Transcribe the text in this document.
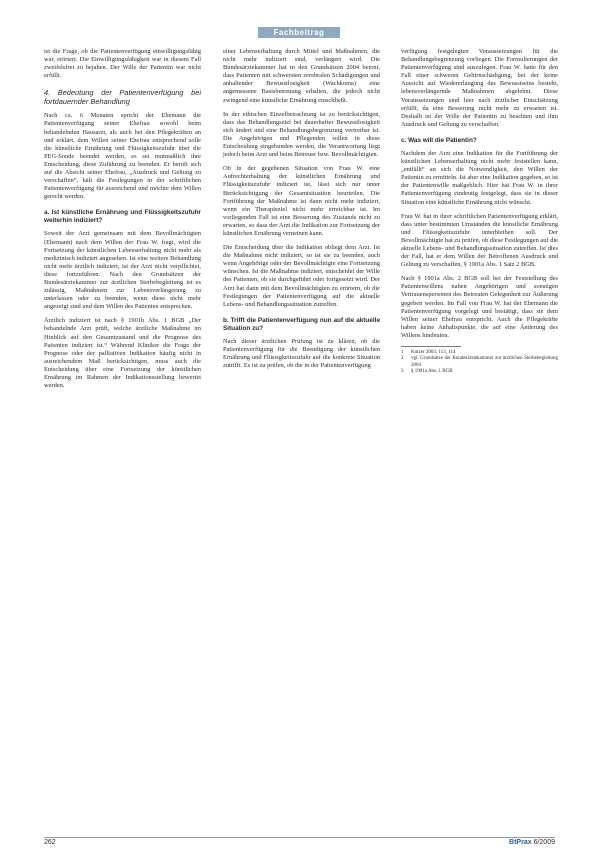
Fachbeitrag

ist die Frage, ob die Patientenverfügung einwilligungsfähig war, erörtert. Die Einwilligungsfähigkeit war in diesem Fall zweifelsfrei zu bejahen. Der Wille der Patientin war nicht erfüllt.

4. Bedeutung der Patientenverfügung bei fortdauernder Behandlung

Nach ca. 6 Monaten spricht der Ehemann die Patientenverfügung seiner Ehefrau sowohl beim behandelnden Hausarzt, als auch bei den Pflegekräften an und erklärt, dem Willen seiner Ehefrau entsprechend solle die künstliche Ernährung und Flüssigkeitszufuhr über die PEG-Sonde beendet werden, es sei mutmaßlich ihre Entscheidung, diese Zuführung zu beenden. Er beruft sich auf die Absicht seiner Ehefrau, „Ausdruck und Geltung zu verschaffen“, hält die Festlegungen in der schriftlichen Patientenverfügung für ausreichend und möchte dem Willen gerecht werden.

a. Ist künstliche Ernährung und Flüssigkeitszufuhr weiterhin indiziert?

Soweit der Arzt gemeinsam mit dem Bevollmächtigten (Ehemann) nach dem Willen der Frau W. fragt, wird die Fortsetzung der künstlichen Lebenserhaltung nicht mehr als medizinisch indiziert angesehen. Ist eine weitere Behandlung nicht mehr ärztlich indiziert, ist der Arzt nicht verpflichtet, diese fortzuführen. Nach den Grundsätzen der Bundesärztekammer zur ärztlichen Sterbebegleitung ist es zulässig, Maßnahmen zur Lebensverlängerung zu unterlassen oder zu beenden, wenn diese nicht mehr angezeigt sind und dem Willen des Patienten entsprechen.

Ärztlich indiziert ist nach § 1901b Abs. 1 BGB „Der behandelnde Arzt prüft, welche ärztliche Maßnahme im Hinblick auf den Gesamtzustand und die Prognose des Patienten indiziert ist.“ Während Kliniker die Frage der Prognose oder der palliativen Indikation häufig nicht in ausreichendem Maß berücksichtigen, muss auch die Entscheidung über eine Fortsetzung der künstlichen Ernährung im Rahmen der Indikationsstellung bewertet werden.

einer Lebenserhaltung durch Mittel und Maßnahmen, die nicht mehr indiziert sind, verlängert wird. Die Bundesärztekammer hat in den Grundsätzen 2004 betont, dass Patienten mit schwersten zerebralen Schädigungen und anhaltender Bewusstlosigkeit (Wachkoma) eine angemessene Basisbetreuung erhalten, die jedoch nicht zwingend eine künstliche Ernährung einschließt.

In der ethischen Einzelbetrachtung ist zu berücksichtigen, dass das Behandlungsziel bei dauerhafter Bewusstlosigkeit sich ändert und eine Behandlungsbegrenzung vertretbar ist. Die Angehörigen und Pflegenden sollen in diese Entscheidung eingebunden werden, die Verantwortung liegt jedoch beim Arzt und beim Betreuer bzw. Bevollmächtigten.

Ob in der gegebenen Situation von Frau W. eine Aufrechterhaltung der künstlichen Ernährung und Flüssigkeitszufuhr indiziert ist, lässt sich nur unter Berücksichtigung der Gesamtsituation beurteilen. Die Fortführung der Maßnahme ist dann nicht mehr indiziert, wenn ein Therapieziel nicht mehr erreichbar ist. Im vorliegenden Fall ist eine Besserung des Zustands nicht zu erwarten, so dass der Arzt die Indikation zur Fortsetzung der künstlichen Ernährung verneinen kann.

Die Entscheidung über die Indikation obliegt dem Arzt. Ist die Maßnahme nicht indiziert, so ist sie zu beenden, auch wenn Angehörige oder der Bevollmächtigte eine Fortsetzung wünschen. Ist die Maßnahme indiziert, entscheidet der Wille des Patienten, ob sie durchgeführt oder fortgesetzt wird. Der Arzt hat dann mit dem Bevollmächtigten zu erörtern, ob die Festlegungen der Patientenverfügung auf die aktuelle Lebens- und Behandlungssituation zutreffen.

b. Trifft die Patientenverfügung nun auf die aktuelle Situation zu?

Nach dieser ärztlichen Prüfung ist zu klären, ob die Patientenverfügung für die Beendigung der künstlichen Ernährung und Flüssigkeitszufuhr auf die konkrete Situation zutrifft. Es ist zu prüfen, ob die in der Patientenverfügung

verfügung festgelegten Voraussetzungen für die Behandlungsbegrenzung vorliegen. Die Formulierungen der Patientenverfügung sind auszulegen. Frau W. hatte für den Fall einer schweren Gehirnschädigung, bei der keine Aussicht auf Wiedererlangung des Bewusstseins besteht, lebensverlängernde Maßnahmen abgelehnt. Diese Voraussetzungen sind hier nach ärztlicher Einschätzung erfüllt, da eine Besserung nicht mehr zu erwarten ist. Deshalb ist der Wille der Patientin zu beachten und ihm Ausdruck und Geltung zu verschaffen.

c. Was will die Patientin?

Nachdem der Arzt eine Indikation für die Fortführung der künstlichen Lebenserhaltung nicht mehr feststellen kann, „entfällt“ an sich die Notwendigkeit, den Willen der Patientin zu ermitteln. Ist aber eine Indikation gegeben, so ist der Patientenwille maßgeblich. Hier hat Frau W. in ihrer Patientenverfügung eindeutig festgelegt, dass sie in dieser Situation eine künstliche Ernährung nicht wünscht.

Frau W. hat in ihrer schriftlichen Patientenverfügung erklärt, dass unter bestimmten Umständen die künstliche Ernährung und Flüssigkeitszufuhr unterbleiben soll. Der Bevollmächtigte hat zu prüfen, ob diese Festlegungen auf die aktuelle Lebens- und Behandlungssituation zutreffen. Ist dies der Fall, hat er dem Willen der Betroffenen Ausdruck und Geltung zu verschaffen, § 1901a Abs. 1 Satz 2 BGB.

Nach § 1901a Abs. 2 BGB soll bei der Feststellung des Patientenwillens nahen Angehörigen und sonstigen Vertrauenspersonen des Betreuten Gelegenheit zur Äußerung gegeben werden. Im Fall von Frau W. hat der Ehemann die Patientenverfügung vorgelegt und bestätigt, dass sie dem Willen seiner Ehefrau entspricht. Auch die Pflegekräfte haben keine Anhaltspunkte, die auf eine Änderung des Willens hindeuten.

1	Kutzer 2003, 113, 114
2	vgl. Grundsätze der Bundesärztekammer zur ärztlichen Sterbebegleitung 2004
3	§ 1901a Abs. 1 BGB
262	BtPrax 6/2009
